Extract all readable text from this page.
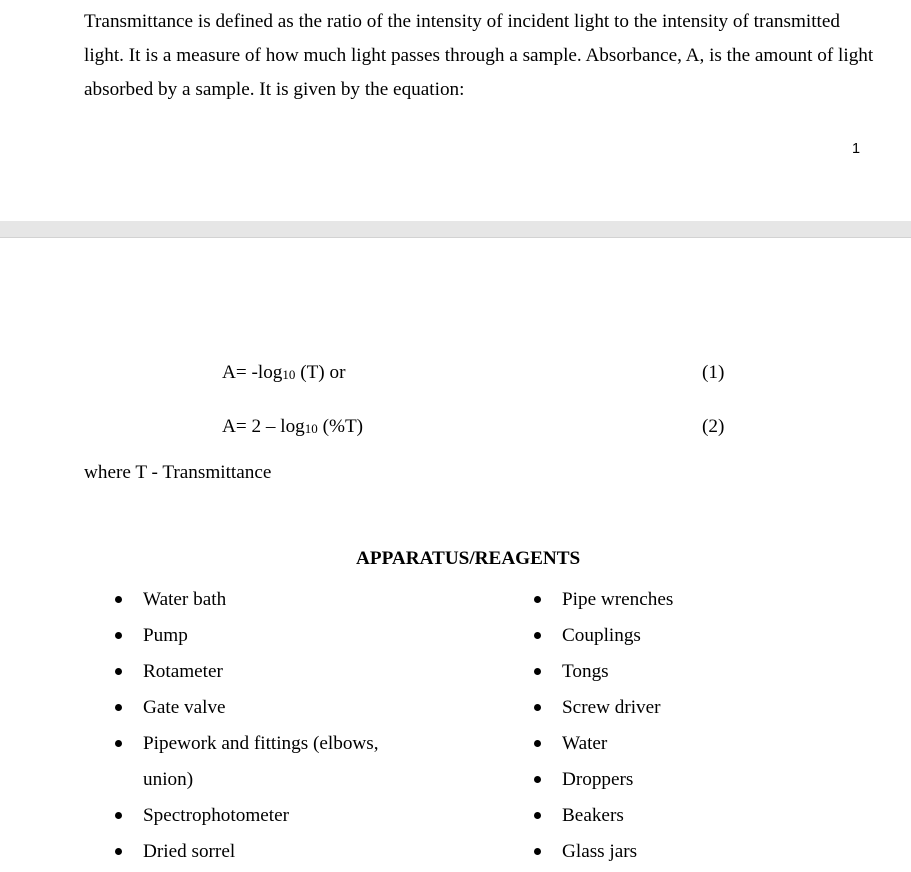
Transmittance is defined as the ratio of the intensity of incident light to the intensity of transmitted light. It is a measure of how much light passes through a sample. Absorbance, A, is the amount of light absorbed by a sample. It is given by the equation:

1
$A= -\log_{10}$ (T) or	(1)
$A= 2 - \log_{10} (\%T)$	(2)
where T - Transmittance
APPARATUS/REAGENTS
Water bath
Pump
Rotameter
Gate valve
Pipework and fittings (elbows,
union)
Spectrophotometer
Dried sorrel
Pipe wrenches
Couplings
Tongs
Screw driver
Water
Droppers
Beakers
Glass jars
